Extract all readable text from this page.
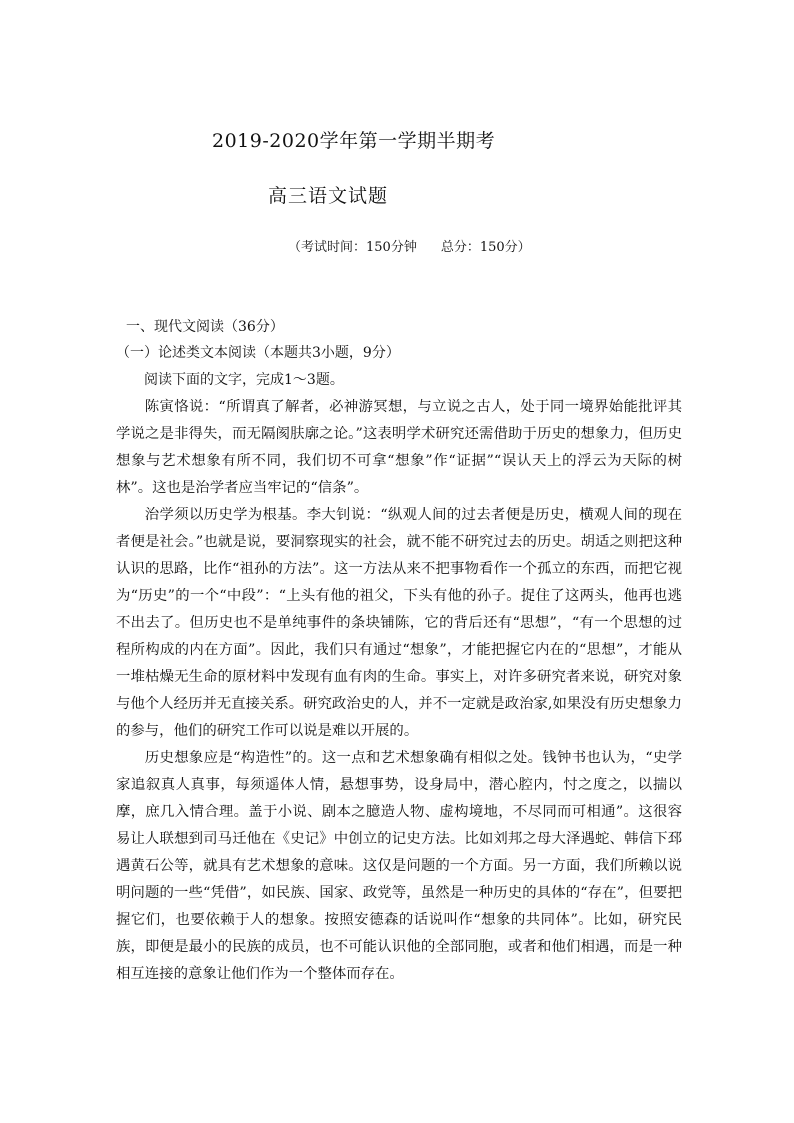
2019-2020学年第一学期半期考
高三语文试题
（考试时间：150分钟 总分：150分）
一、现代文阅读（36分）
（一）论述类文本阅读（本题共3小题，9分）
阅读下面的文字，完成1～3题。

陈寅恪说：“所谓真了解者，必神游冥想，与立说之古人，处于同一境界始能批评其学说之是非得失，而无隔阂肤廓之论。”这表明学术研究还需借助于历史的想象力，但历史想象与艺术想象有所不同，我们切不可拿“想象”作“证据”“误认天上的浮云为天际的树林”。这也是治学者应当牢记的“信条”。

治学须以历史学为根基。李大钊说：“纵观人间的过去者便是历史，横观人间的现在者便是社会。”也就是说，要洞察现实的社会，就不能不研究过去的历史。胡适之则把这种认识的思路，比作“祖孙的方法”。这一方法从来不把事物看作一个孤立的东西，而把它视为“历史”的一个“中段”：“上头有他的祖父，下头有他的孙子。捉住了这两头，他再也逃不出去了。但历史也不是单纯事件的条块铺陈，它的背后还有“思想”，“有一个思想的过程所构成的内在方面”。因此，我们只有通过“想象”，才能把握它内在的“思想”，才能从一堆枯燥无生命的原材料中发现有血有肉的生命。事实上，对许多研究者来说，研究对象与他个人经历并无直接关系。研究政治史的人，并不一定就是政治家,如果没有历史想象力的参与，他们的研究工作可以说是难以开展的。

历史想象应是“构造性”的。这一点和艺术想象确有相似之处。钱钟书也认为，“史学家追叙真人真事，每须遥体人情，悬想事势，设身局中，潜心腔内，忖之度之，以揣以摩，庶几入情合理。盖于小说、剧本之臆造人物、虚构境地，不尽同而可相通”。这很容易让人联想到司马迁他在《史记》中创立的记史方法。比如刘邦之母大泽遇蛇、韩信下邳遇黄石公等，就具有艺术想象的意味。这仅是问题的一个方面。另一方面，我们所赖以说明问题的一些“凭借”，如民族、国家、政党等，虽然是一种历史的具体的“存在”，但要把握它们，也要依赖于人的想象。按照安德森的话说叫作“想象的共同体”。比如，研究民族，即便是最小的民族的成员，也不可能认识他的全部同胞，或者和他们相遇，而是一种相互连接的意象让他们作为一个整体而存在。
